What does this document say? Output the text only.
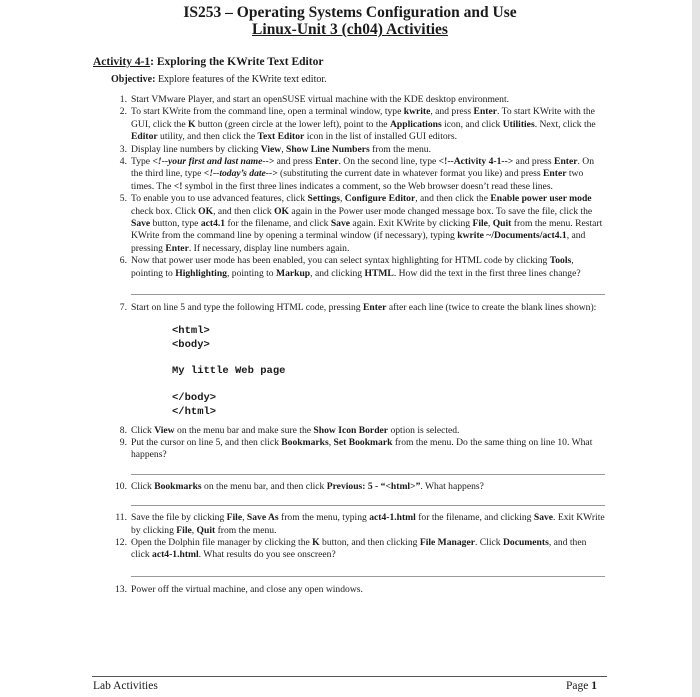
IS253 – Operating Systems Configuration and Use
Linux-Unit 3 (ch04) Activities
Activity 4-1: Exploring the KWrite Text Editor
Objective: Explore features of the KWrite text editor.
1. Start VMware Player, and start an openSUSE virtual machine with the KDE desktop environment.
2. To start KWrite from the command line, open a terminal window, type kwrite, and press Enter. To start KWrite with the GUI, click the K button (green circle at the lower left), point to the Applications icon, and click Utilities. Next, click the Editor utility, and then click the Text Editor icon in the list of installed GUI editors.
3. Display line numbers by clicking View, Show Line Numbers from the menu.
4. Type <!--your first and last name--> and press Enter. On the second line, type <!--Activity 4-1--> and press Enter. On the third line, type <!--today’s date--> (substituting the current date in whatever format you like) and press Enter two times. The <! symbol in the first three lines indicates a comment, so the Web browser doesn’t read these lines.
5. To enable you to use advanced features, click Settings, Configure Editor, and then click the Enable power user mode check box. Click OK, and then click OK again in the Power user mode changed message box. To save the file, click the Save button, type act4.1 for the filename, and click Save again. Exit KWrite by clicking File, Quit from the menu. Restart KWrite from the command line by opening a terminal window (if necessary), typing kwrite ~/Documents/act4.1, and pressing Enter. If necessary, display line numbers again.
6. Now that power user mode has been enabled, you can select syntax highlighting for HTML code by clicking Tools, pointing to Highlighting, pointing to Markup, and clicking HTML. How did the text in the first three lines change?
7. Start on line 5 and type the following HTML code, pressing Enter after each line (twice to create the blank lines shown):
<html>
<body>
My little Web page
</body>
</html>
8. Click View on the menu bar and make sure the Show Icon Border option is selected.
9. Put the cursor on line 5, and then click Bookmarks, Set Bookmark from the menu. Do the same thing on line 10. What happens?
10. Click Bookmarks on the menu bar, and then click Previous: 5 - “<html>”. What happens?
11. Save the file by clicking File, Save As from the menu, typing act4-1.html for the filename, and clicking Save. Exit KWrite by clicking File, Quit from the menu.
12. Open the Dolphin file manager by clicking the K button, and then clicking File Manager. Click Documents, and then click act4-1.html. What results do you see onscreen?
13. Power off the virtual machine, and close any open windows.
Lab Activities	Page 1
